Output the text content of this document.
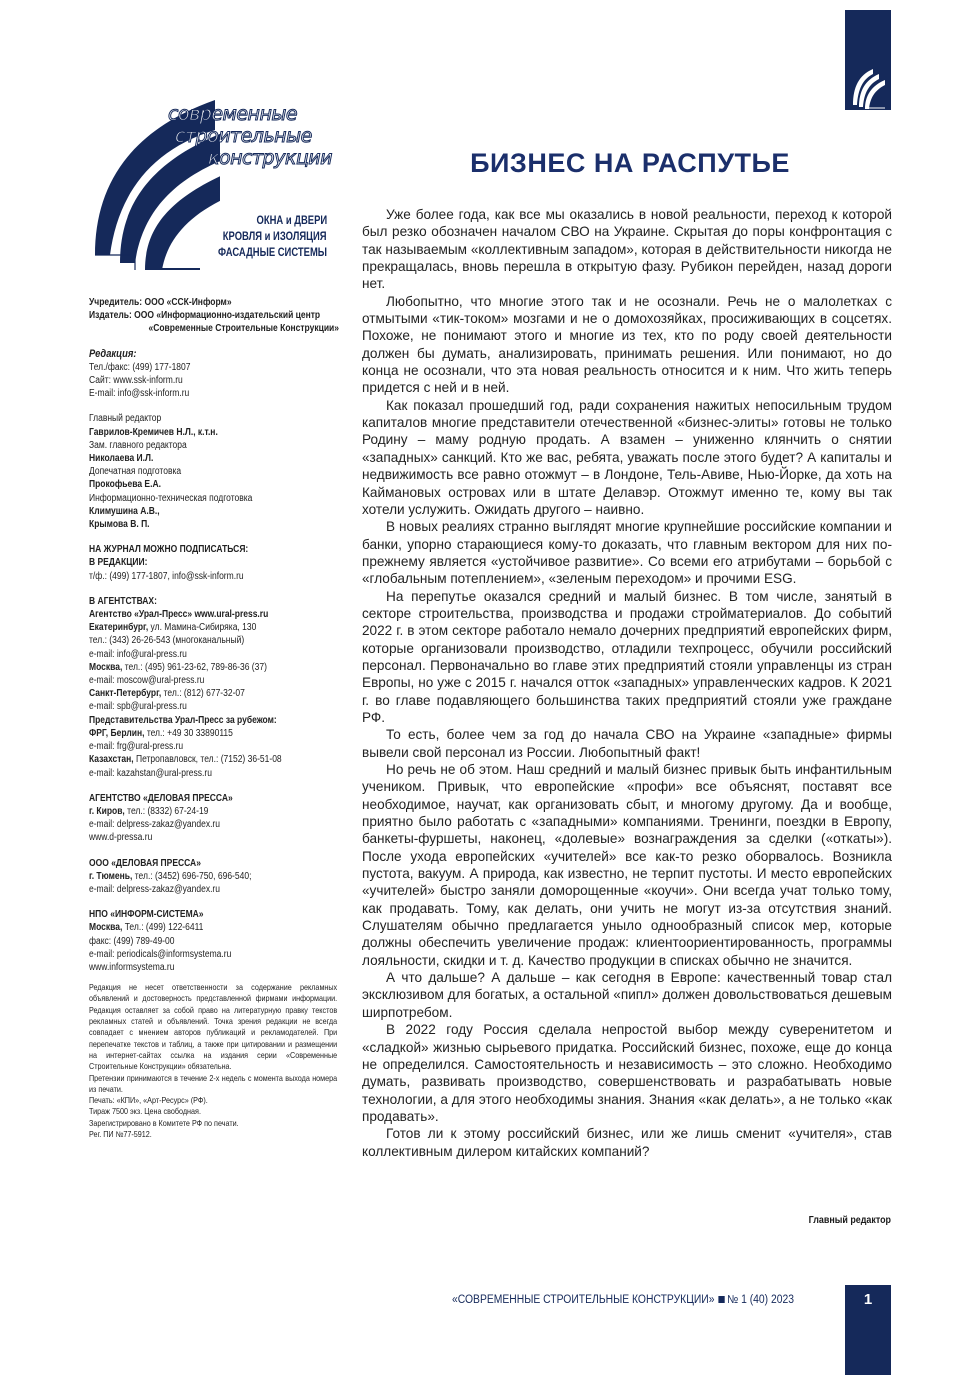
современные
строительные
конструкции
ОКНА и ДВЕРИ
КРОВЛЯ и ИЗОЛЯЦИЯ
ФАСАДНЫЕ СИСТЕМЫ
Учредитель: ООО «ССК-Информ»
Издатель: ООО «Информационно-издательский центр
«Современные Строительные Конструкции»
Редакция:
Тел./факс: (499) 177-1807
Сайт: www.ssk-inform.ru
E-mail: info@ssk-inform.ru
Главный редактор
Гаврилов-Кремичев Н.Л., к.т.н.
Зам. главного редактора
Николаева И.Л.
Допечатная подготовка
Прокофьева Е.А.
Информационно-техническая подготовка
Климушина А.В.,
Крымова В. П.
НА ЖУРНАЛ МОЖНО ПОДПИСАТЬСЯ:
В РЕДАКЦИИ:
т/ф.: (499) 177-1807, info@ssk-inform.ru
В АГЕНТСТВАХ:
Агентство «Урал-Пресс» www.ural-press.ru
Екатеринбург, ул. Мамина-Сибиряка, 130
тел.: (343) 26-26-543 (многоканальный)
e-mail: info@ural-press.ru
Москва, тел.: (495) 961-23-62, 789-86-36 (37)
e-mail: moscow@ural-press.ru
Санкт-Петербург, тел.: (812) 677-32-07
e-mail: spb@ural-press.ru
Представительства Урал-Пресс за рубежом:
ФРГ, Берлин, тел.: +49 30 33890115
e-mail: frg@ural-press.ru
Казахстан, Петропавловск, тел.: (7152) 36-51-08
e-mail: kazahstan@ural-press.ru
АГЕНТСТВО «ДЕЛОВАЯ ПРЕССА»
г. Киров, тел.: (8332) 67-24-19
e-mail: delpress-zakaz@yandex.ru
www.d-pressa.ru
ООО «ДЕЛОВАЯ ПРЕССА»
г. Тюмень, тел.: (3452) 696-750, 696-540;
e-mail: delpress-zakaz@yandex.ru
НПО «ИНФОРМ-СИСТЕМА»
Москва, Тел.: (499) 122-6411
факс: (499) 789-49-00
e-mail: periodicals@informsystema.ru
www.informsystema.ru
Редакция не несет ответственности за содержание рекламных объявлений и достоверность представленной фирмами информации. Редакция оставляет за собой право на литературную правку текстов рекламных статей и объявлений. Точка зрения редакции не всегда совпадает с мнением авторов публикаций и рекламодателей. При перепечатке текстов и таблиц, а также при цитировании и размещении на интернет-сайтах ссылка на издания серии «Современные Строительные Конструкции» обязательна.
Претензии принимаются в течение 2-х недель с момента выхода номера из печати.
Печать: «КПИ», «Арт-Ресурс» (РФ).
Тираж 7500 экз. Цена свободная.
Зарегистрировано в Комитете РФ по печати.
Рег. ПИ №77-5912.
БИЗНЕС НА РАСПУТЬЕ

Уже более года, как все мы оказались в новой реальности, переход к которой был резко обозначен началом СВО на Украине. Скрытая до поры конфронтация с так называемым «коллективным западом», которая в действительности никогда не прекращалась, вновь перешла в открытую фазу. Рубикон перейден, назад дороги нет.

Любопытно, что многие этого так и не осознали. Речь не о малолетках с отмытыми «тик-током» мозгами и не о домохозяйках, просиживающих в соцсетях. Похоже, не понимают этого и многие из тех, кто по роду своей деятельности должен бы думать, анализировать, принимать решения. Или понимают, но до конца не осознали, что эта новая реальность относится и к ним. Что жить теперь придется с ней и в ней.

Как показал прошедший год, ради сохранения нажитых непосильным трудом капиталов многие представители отечественной «бизнес-элиты» готовы не только Родину – маму родную продать. А взамен – униженно клянчить о снятии «западных» санкций. Кто же вас, ребята, уважать после этого будет? А капиталы и недвижимость все равно отожмут – в Лондоне, Тель-Авиве, Нью-Йорке, да хоть на Каймановых островах или в штате Делавэр. Отожмут именно те, кому вы так хотели услужить. Ожидать другого – наивно.

В новых реалиях странно выглядят многие крупнейшие российские компании и банки, упорно старающиеся кому-то доказать, что главным вектором для них по-прежнему является «устойчивое развитие». Со всеми его атрибутами – борьбой с «глобальным потеплением», «зеленым переходом» и прочими ESG.

На перепутье оказался средний и малый бизнес. В том числе, занятый в секторе строительства, производства и продажи стройматериалов. До событий 2022 г. в этом секторе работало немало дочерних предприятий европейских фирм, которые организовали производство, отладили техпроцесс, обучили российский персонал. Первоначально во главе этих предприятий стояли управленцы из стран Европы, но уже с 2015 г. начался отток «западных» управленческих кадров. К 2021 г. во главе подавляющего большинства таких предприятий стояли уже граждане РФ.

То есть, более чем за год до начала СВО на Украине «западные» фирмы вывели свой персонал из России. Любопытный факт!

Но речь не об этом. Наш средний и малый бизнес привык быть инфантильным учеником. Привык, что европейские «профи» все объяснят, поставят все необходимое, научат, как организовать сбыт, и многому другому. Да и вообще, приятно было работать с «западными» компаниями. Тренинги, поездки в Европу, банкеты-фуршеты, наконец, «долевые» вознаграждения за сделки («откаты»). После ухода европейских «учителей» все как-то резко оборвалось. Возникла пустота, вакуум. А природа, как известно, не терпит пустоты. И место европейских «учителей» быстро заняли доморощенные «коучи». Они всегда учат только тому, как продавать. Тому, как делать, они учить не могут из-за отсутствия знаний. Слушателям обычно предлагается уныло однообразный список мер, которые должны обеспечить увеличение продаж: клиентоориентированность, программы лояльности, скидки и т. д. Качество продукции в списках обычно не значится.

А что дальше? А дальше – как сегодня в Европе: качественный товар стал эксклюзивом для богатых, а остальной «пипл» должен довольствоваться дешевым ширпотребом.

В 2022 году Россия сделала непростой выбор между суверенитетом и «сладкой» жизнью сырьевого придатка. Российский бизнес, похоже, еще до конца не определился. Самостоятельность и независимость – это сложно. Необходимо думать, развивать производство, совершенствовать и разрабатывать новые технологии, а для этого необходимы знания. Знания «как делать», а не только «как продавать».

Готов ли к этому российский бизнес, или же лишь сменит «учителя», став коллективным дилером китайских компаний?

Главный редактор
«СОВРЕМЕННЫЕ СТРОИТЕЛЬНЫЕ КОНСТРУКЦИИ» № 1 (40) 2023	1
